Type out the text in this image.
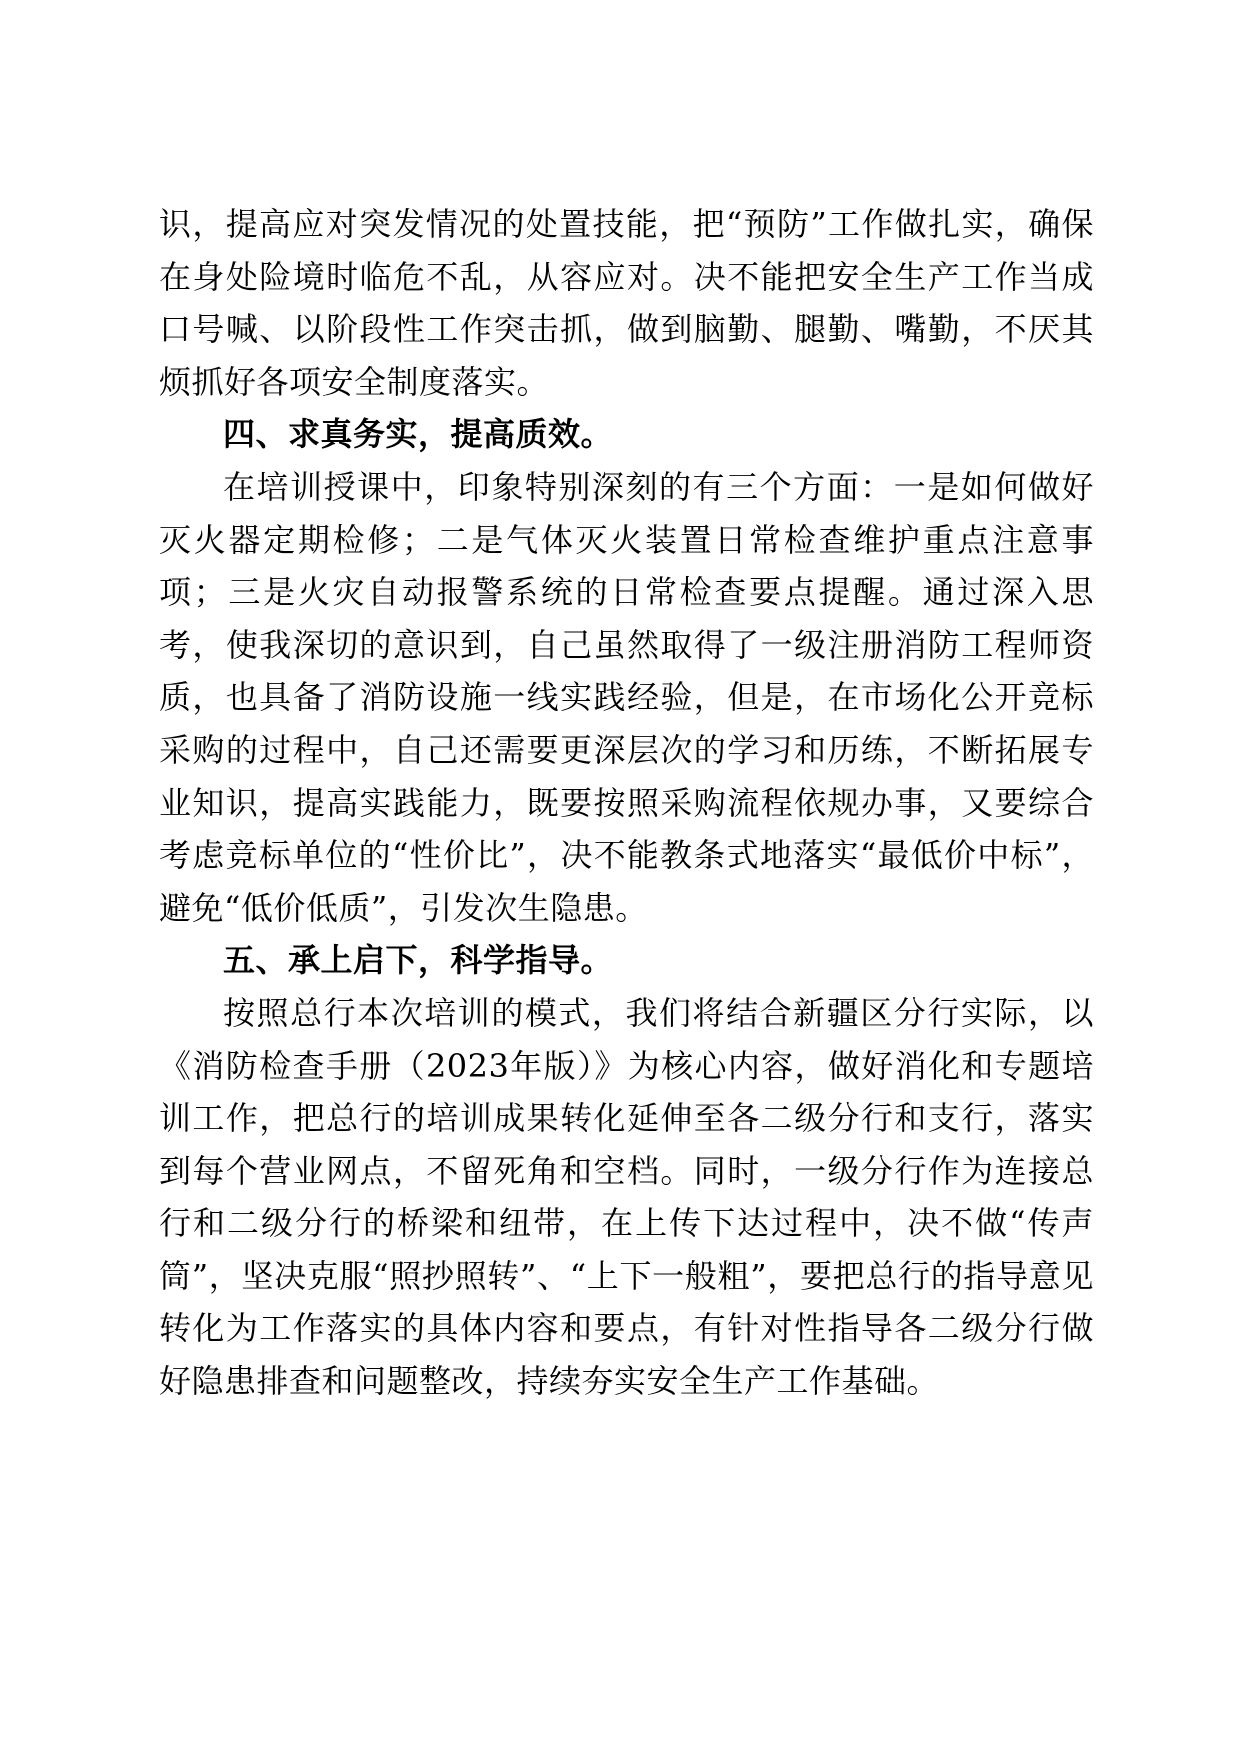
识，提高应对突发情况的处置技能，把“预防”工作做扎实，确保在身处险境时临危不乱，从容应对。决不能把安全生产工作当成口号喊、以阶段性工作突击抓，做到脑勤、腿勤、嘴勤，不厌其烦抓好各项安全制度落实。

四、求真务实，提高质效。

在培训授课中，印象特别深刻的有三个方面：一是如何做好灭火器定期检修；二是气体灭火装置日常检查维护重点注意事项；三是火灾自动报警系统的日常检查要点提醒。通过深入思考，使我深切的意识到，自己虽然取得了一级注册消防工程师资质，也具备了消防设施一线实践经验，但是，在市场化公开竞标采购的过程中，自己还需要更深层次的学习和历练，不断拓展专业知识，提高实践能力，既要按照采购流程依规办事，又要综合考虑竞标单位的“性价比”，决不能教条式地落实“最低价中标”，避免“低价低质”，引发次生隐患。

五、承上启下，科学指导。

按照总行本次培训的模式，我们将结合新疆区分行实际，以《消防检查手册（2023年版）》为核心内容，做好消化和专题培训工作，把总行的培训成果转化延伸至各二级分行和支行，落实到每个营业网点，不留死角和空档。同时，一级分行作为连接总行和二级分行的桥梁和纽带，在上传下达过程中，决不做“传声筒”，坚决克服“照抄照转”、“上下一般粗”，要把总行的指导意见转化为工作落实的具体内容和要点，有针对性指导各二级分行做好隐患排查和问题整改，持续夯实安全生产工作基础。
